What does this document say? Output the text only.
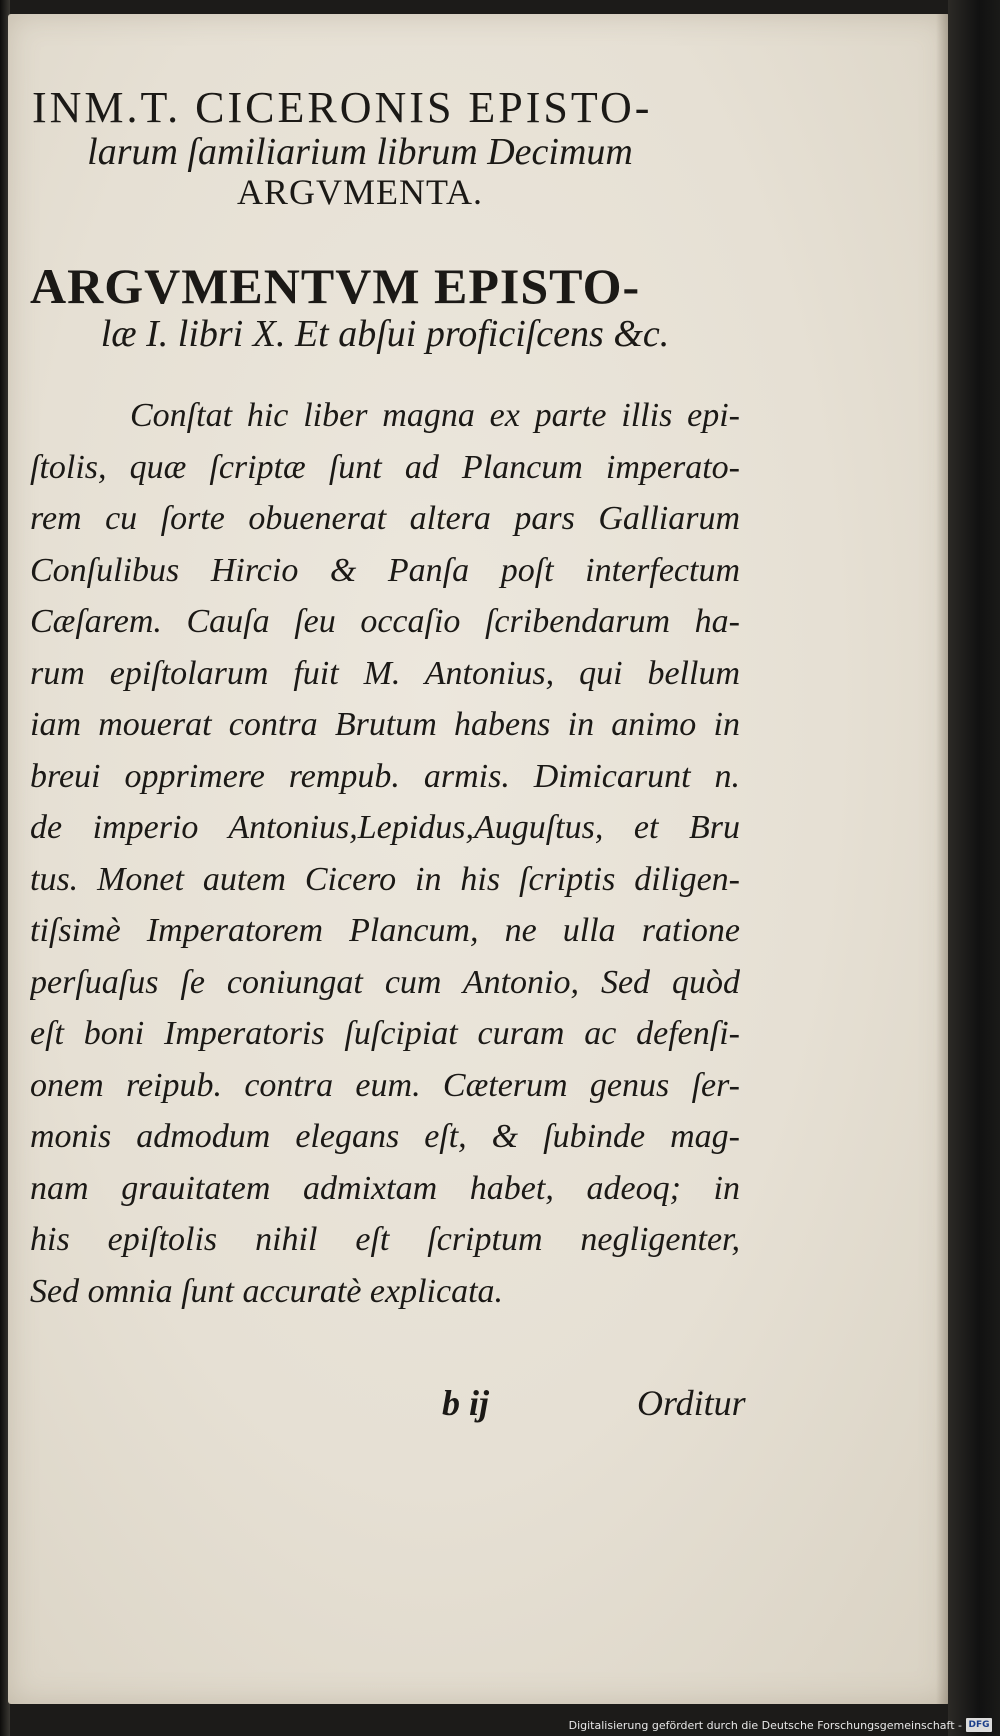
INM.T. CICERONIS EPISTO-
larum ſamiliarium librum Decimum
ARGVMENTA.
ARGVMENTVM EPISTO-
læ I. libri X. Et abſui proficiſcens &c.
Conſtat hic liber magna ex parte illis epi-
ſtolis, quæ ſcriptæ ſunt ad Plancum imperato-
rem cu ſorte obuenerat altera pars Galliarum
Conſulibus Hircio & Panſa poſt interfectum
Cæſarem. Cauſa ſeu occaſio ſcribendarum ha-
rum epiſtolarum fuit M. Antonius, qui bellum
iam mouerat contra Brutum habens in animo in
breui opprimere rempub. armis. Dimicarunt n.
de imperio Antonius,Lepidus,Auguſtus, et Bru
tus. Monet autem Cicero in his ſcriptis diligen-
tiſsimè Imperatorem Plancum, ne ulla ratione
perſuaſus ſe coniungat cum Antonio, Sed quòd
eſt boni Imperatoris ſuſcipiat curam ac defenſi-
onem reipub. contra eum. Cæterum genus ſer-
monis admodum elegans eſt, & ſubinde mag-
nam grauitatem admixtam habet, adeoq; in
his epiſtolis nihil eſt ſcriptum negligenter,
Sed omnia ſunt accuratè explicata.
b ij	Orditur
Digitalisierung gefördert durch die Deutsche Forschungsgemeinschaft - DFG
